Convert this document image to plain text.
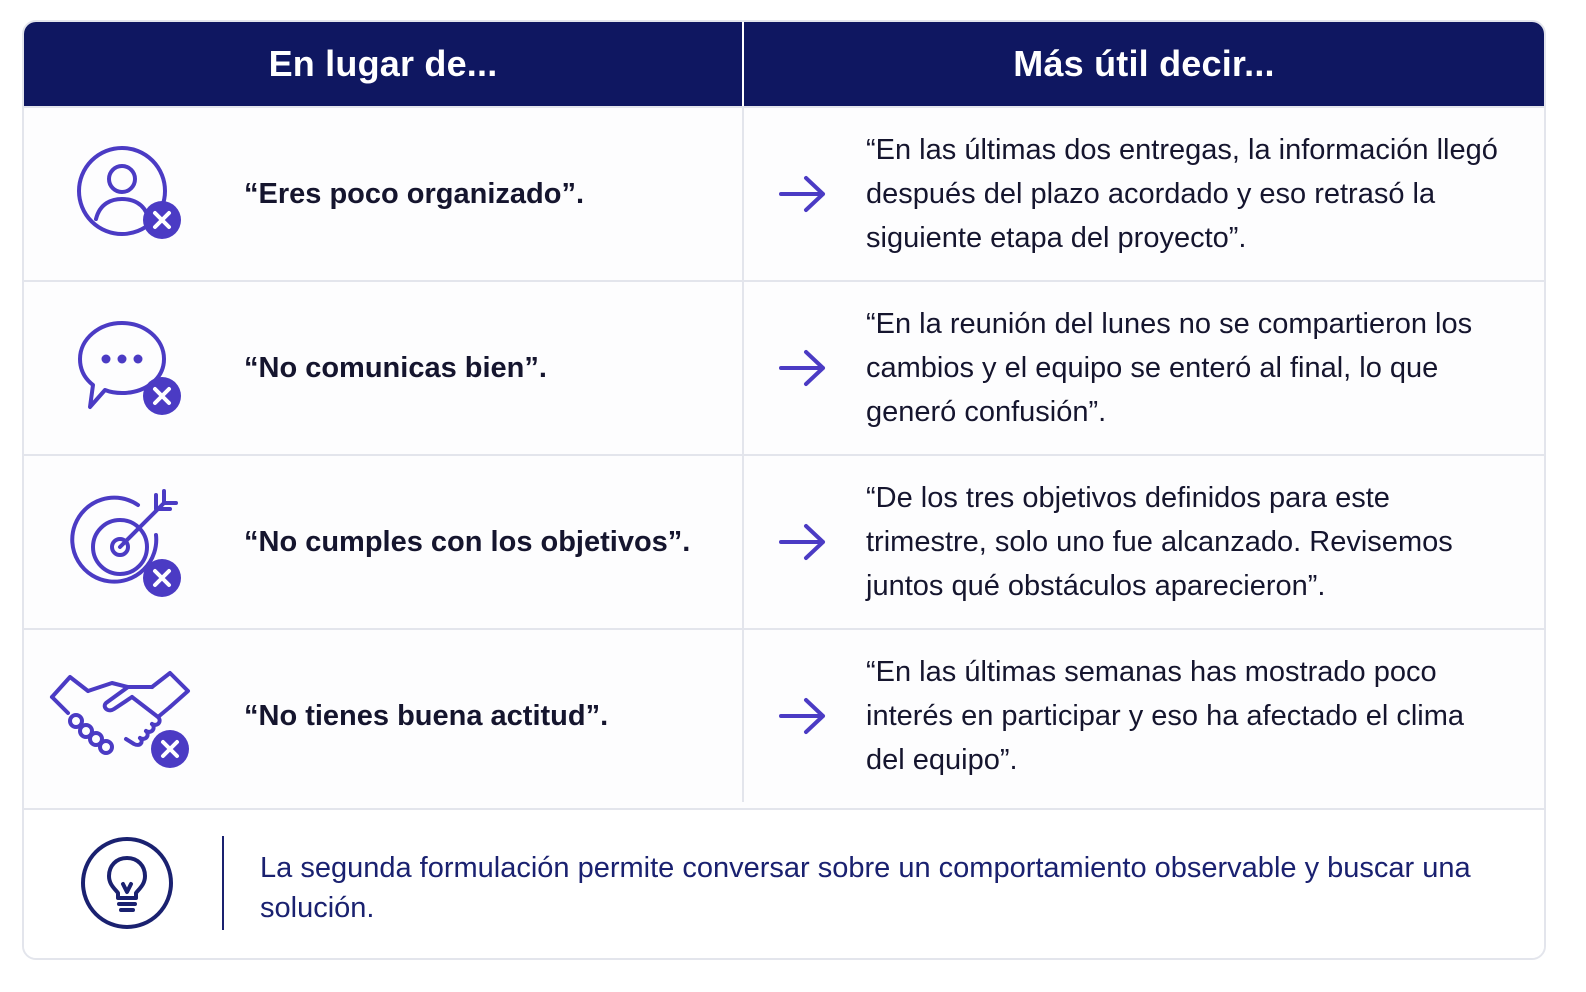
En lugar de...	Más útil decir...
“Eres poco organizado”.
“En las últimas dos entregas, la información llegó después del plazo acordado y eso retrasó la siguiente etapa del proyecto”.
“No comunicas bien”.
“En la reunión del lunes no se compartieron los cambios y el equipo se enteró al final, lo que generó confusión”.
“No cumples con los objetivos”.
“De los tres objetivos definidos para este trimestre, solo uno fue alcanzado. Revisemos juntos qué obstáculos aparecieron”.
“No tienes buena actitud”.
“En las últimas semanas has mostrado poco interés en participar y eso ha afectado el clima del equipo”.
La segunda formulación permite conversar sobre un comportamiento observable y buscar una solución.
